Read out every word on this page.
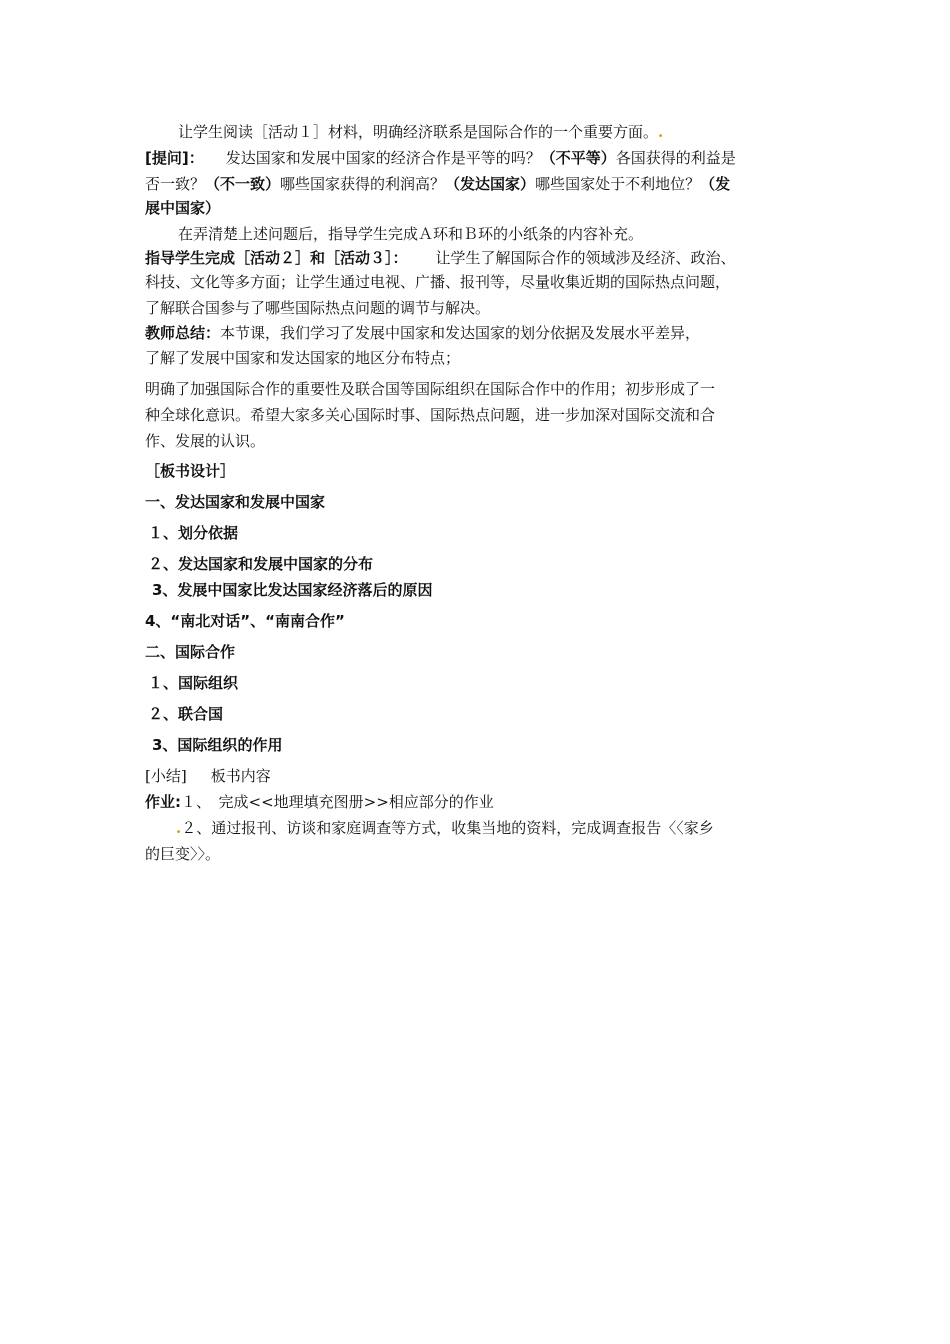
让学生阅读［活动１］材料，明确经济联系是国际合作的一个重要方面。.
[提问]： 发达国家和发展中国家的经济合作是平等的吗？（不平等）各国获得的利益是
否一致？（不一致）哪些国家获得的利润高？（发达国家）哪些国家处于不利地位？（发
展中国家）
在弄清楚上述问题后，指导学生完成Ａ环和Ｂ环的小纸条的内容补充。
指导学生完成［活动２］和［活动３］： 让学生了解国际合作的领域涉及经济、政治、
科技、文化等多方面；让学生通过电视、广播、报刊等，尽量收集近期的国际热点问题，
了解联合国参与了哪些国际热点问题的调节与解决。
教师总结：本节课，我们学习了发展中国家和发达国家的划分依据及发展水平差异，
了解了发展中国家和发达国家的地区分布特点；
明确了加强国际合作的重要性及联合国等国际组织在国际合作中的作用；初步形成了一
种全球化意识。希望大家多关心国际时事、国际热点问题，进一步加深对国际交流和合
作、发展的认识。
［板书设计］
一、发达国家和发展中国家
１、划分依据
２、发达国家和发展中国家的分布
3、发展中国家比发达国家经济落后的原因
4、“南北对话”、“南南合作”
二、国际合作
１、国际组织
２、联合国
3、国际组织的作用
[小结] 板书内容
作业:１、　完成<<地理填充图册>>相应部分的作业
.２、通过报刊、访谈和家庭调查等方式，收集当地的资料，完成调查报告〈〈家乡
的巨变〉〉。
